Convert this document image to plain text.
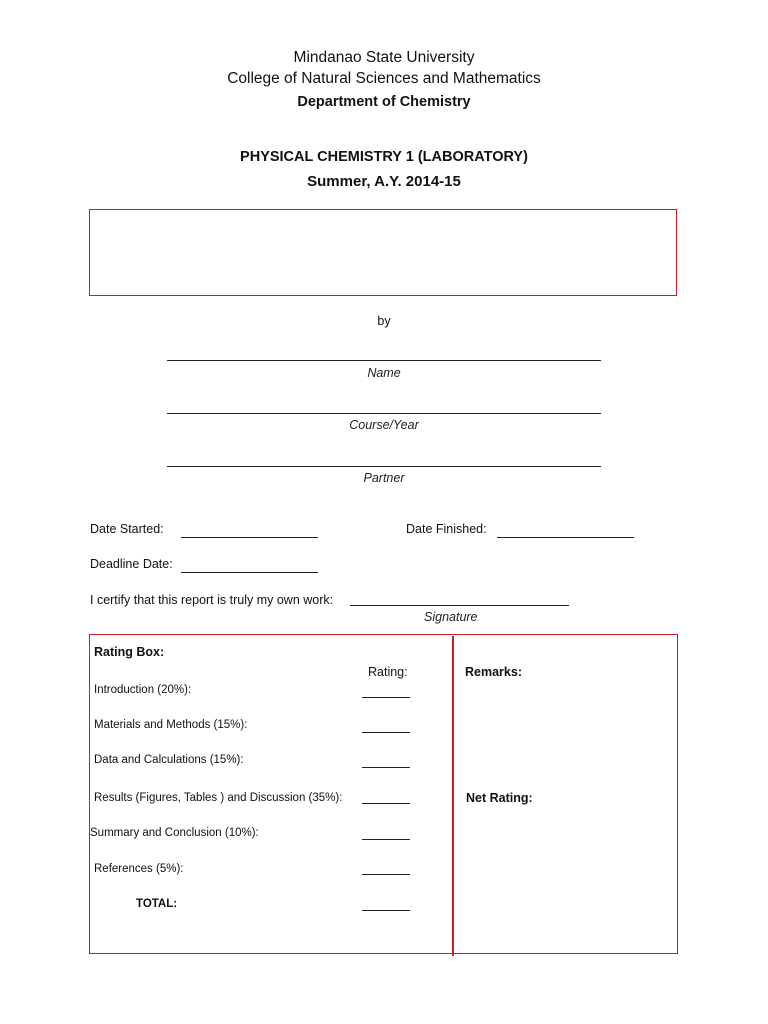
Mindanao State University
College of Natural Sciences and Mathematics
Department of Chemistry
PHYSICAL CHEMISTRY 1 (LABORATORY)
Summer, A.Y. 2014-15
by
Name
Course/Year
Partner
Date Started:	Date Finished:
Deadline Date:
I certify that this report is truly my own work:
Signature
Rating Box:
Rating:	Remarks:
Introduction (20%):
Materials and Methods (15%):
Data and Calculations (15%):
Results (Figures, Tables ) and Discussion (35%):	Net Rating:
Summary and Conclusion (10%):
References (5%):
TOTAL:
